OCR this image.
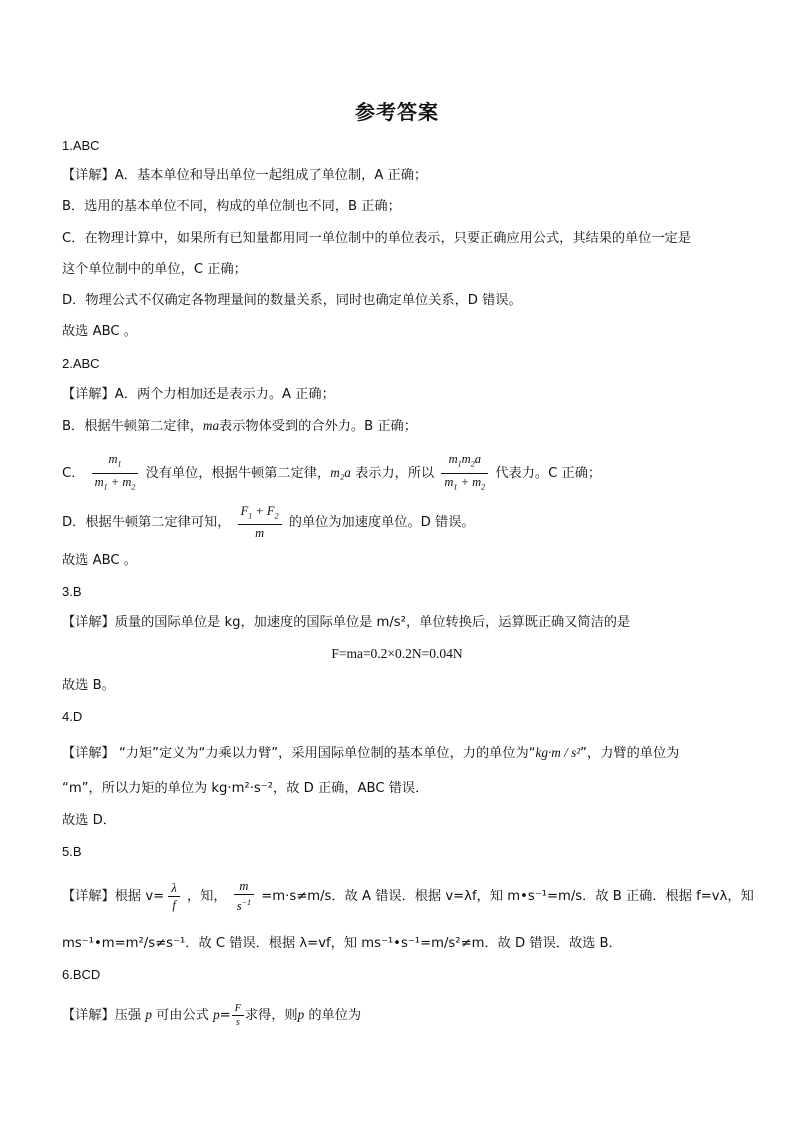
参考答案
1.ABC
【详解】A．基本单位和导出单位一起组成了单位制，A 正确；
B．选用的基本单位不同，构成的单位制也不同，B 正确；
C．在物理计算中，如果所有已知量都用同一单位制中的单位表示，只要正确应用公式，其结果的单位一定是
这个单位制中的单位，C 正确；
D．物理公式不仅确定各物理量间的数量关系，同时也确定单位关系，D 错误。
故选 ABC 。
2.ABC
【详解】A．两个力相加还是表示力。A 正确；
B．根据牛顿第二定律，ma表示物体受到的合外力。B 正确；
C． $\frac{m_1}{m_1 + m_2}$ 没有单位，根据牛顿第二定律，m₂a 表示力，所以 $\frac{m_1m_2a}{m_1 + m_2}$ 代表力。C 正确；
D．根据牛顿第二定律可知， $\frac{F_1 + F_2}{m}$ 的单位为加速度单位。D 错误。
故选 ABC 。
3.B
【详解】质量的国际单位是 kg，加速度的国际单位是 m/s²，单位转换后，运算既正确又简洁的是
F=ma=0.2×0.2N=0.04N
故选 B。
4.D
【详解】 “力矩”定义为“力乘以力臂”，采用国际单位制的基本单位，力的单位为“kg·m / s²”，力臂的单位为
“m”，所以力矩的单位为 kg·m²·s⁻²，故 D 正确，ABC 错误．
故选 D．
5.B
【详解】根据 $v= \frac{\lambda}{f}$ ，知， $\frac{m}{s^{-1}} =m\cdot s\ne m/s$．故 A 错误．根据 v=λf，知 m•s⁻¹=m/s．故 B 正确．根据 f=vλ，知
ms⁻¹•m=m²/s≠s⁻¹．故 C 错误．根据 λ=vf，知 ms⁻¹•s⁻¹=m/s²≠m．故 D 错误．故选 B．
6.BCD
【详解】压强 p 可由公式 $p= \frac{F}{s}$ 求得，则p 的单位为
